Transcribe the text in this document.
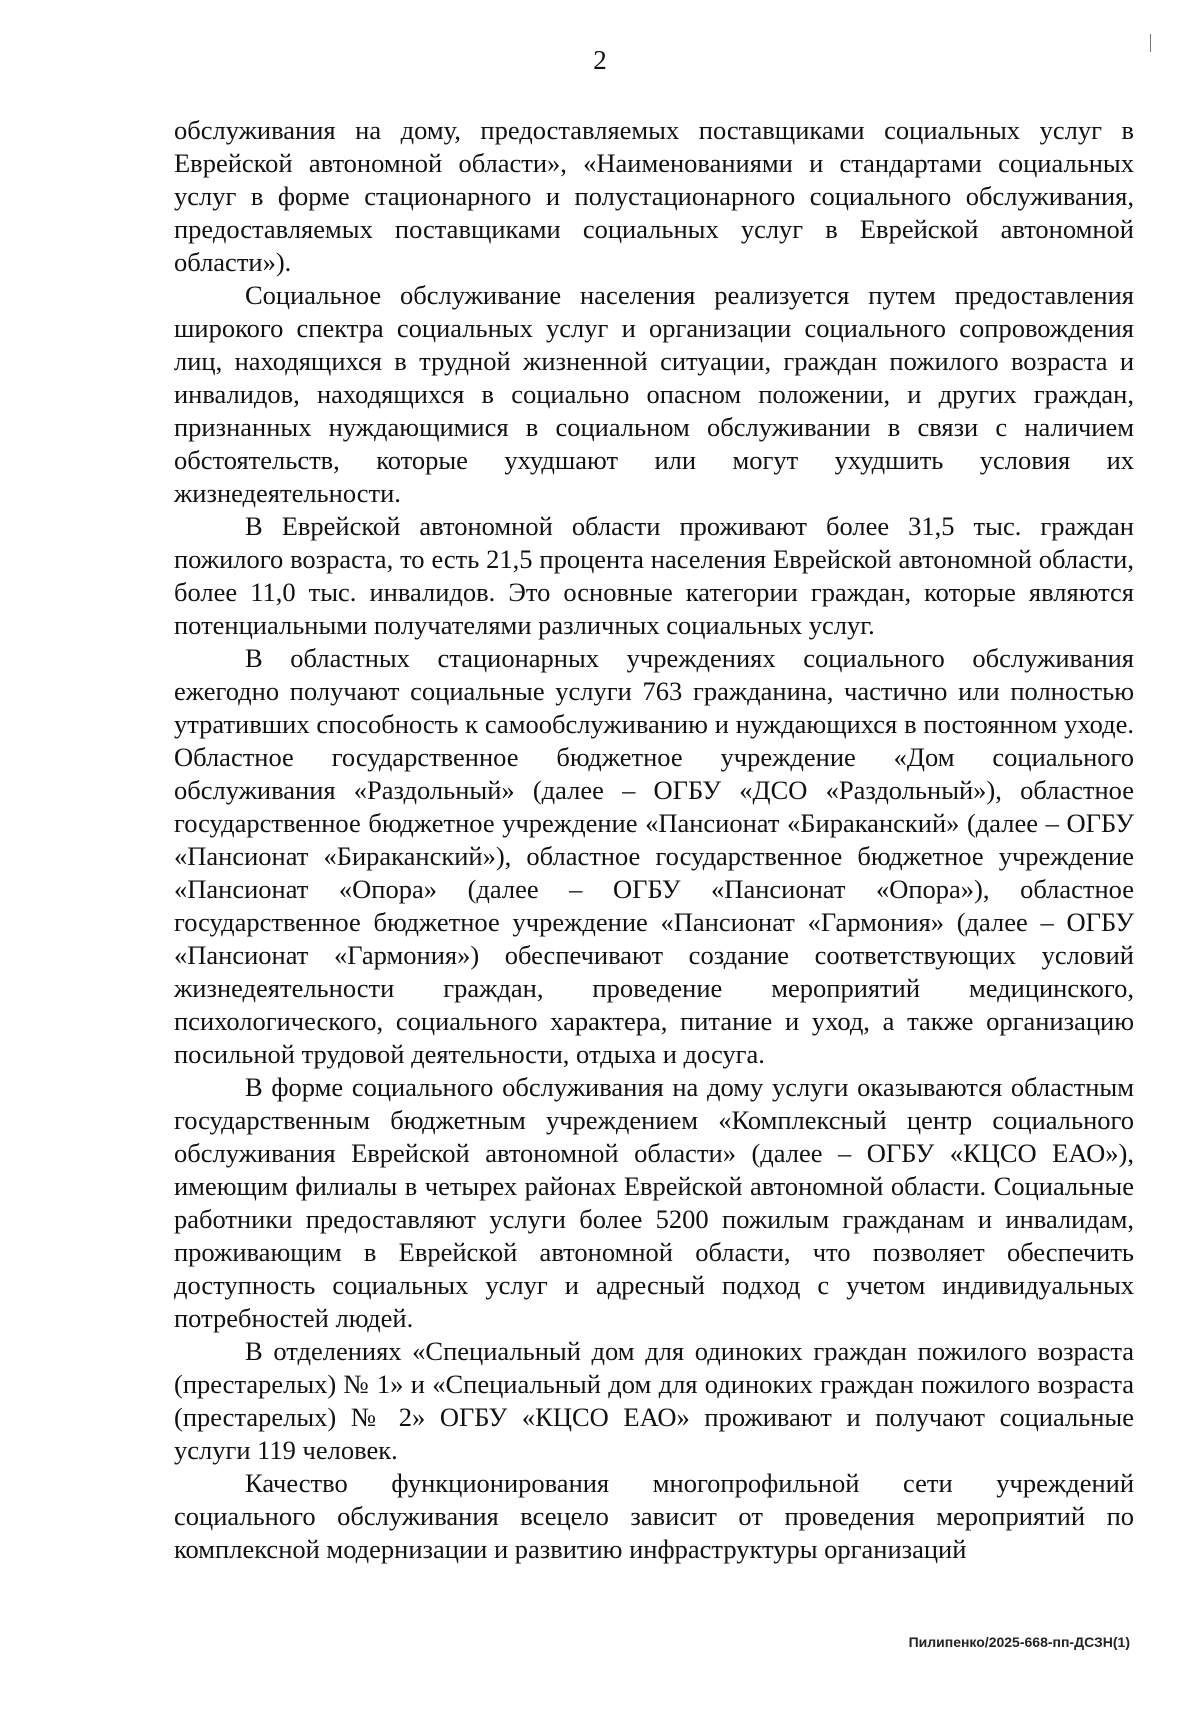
2

обслуживания на дому, предоставляемых поставщиками социальных услуг в Еврейской автономной области», «Наименованиями и стандартами социальных услуг в форме стационарного и полустационарного социального обслуживания, предоставляемых поставщиками социальных услуг в Еврейской автономной области»).

Социальное обслуживание населения реализуется путем предоставления широкого спектра социальных услуг и организации социального сопровождения лиц, находящихся в трудной жизненной ситуации, граждан пожилого возраста и инвалидов, находящихся в социально опасном положении, и других граждан, признанных нуждающимися в социальном обслуживании в связи с наличием обстоятельств, которые ухудшают или могут ухудшить условия их жизнедеятельности.

В Еврейской автономной области проживают более 31,5 тыс. граждан пожилого возраста, то есть 21,5 процента населения Еврейской автономной области, более 11,0 тыс. инвалидов. Это основные категории граждан, которые являются потенциальными получателями различных социальных услуг.

В областных стационарных учреждениях социального обслуживания ежегодно получают социальные услуги 763 гражданина, частично или полностью утративших способность к самообслуживанию и нуждающихся в постоянном уходе. Областное государственное бюджетное учреждение «Дом социального обслуживания «Раздольный» (далее – ОГБУ «ДСО «Раздольный»), областное государственное бюджетное учреждение «Пансионат «Бираканский» (далее – ОГБУ «Пансионат «Бираканский»), областное государственное бюджетное учреждение «Пансионат «Опора» (далее – ОГБУ «Пансионат «Опора»), областное государственное бюджетное учреждение «Пансионат «Гармония» (далее – ОГБУ «Пансионат «Гармония») обеспечивают создание соответствующих условий жизнедеятельности граждан, проведение мероприятий медицинского, психологического, социального характера, питание и уход, а также организацию посильной трудовой деятельности, отдыха и досуга.

В форме социального обслуживания на дому услуги оказываются областным государственным бюджетным учреждением «Комплексный центр социального обслуживания Еврейской автономной области» (далее – ОГБУ «КЦСО ЕАО»), имеющим филиалы в четырех районах Еврейской автономной области. Социальные работники предоставляют услуги более 5200 пожилым гражданам и инвалидам, проживающим в Еврейской автономной области, что позволяет обеспечить доступность социальных услуг и адресный подход с учетом индивидуальных потребностей людей.

В отделениях «Специальный дом для одиноких граждан пожилого возраста (престарелых) № 1» и «Специальный дом для одиноких граждан пожилого возраста (престарелых) № 2» ОГБУ «КЦСО ЕАО» проживают и получают социальные услуги 119 человек.

Качество функционирования многопрофильной сети учреждений социального обслуживания всецело зависит от проведения мероприятий по комплексной модернизации и развитию инфраструктуры организаций

Пилипенко/2025-668-пп-ДСЗН(1)
